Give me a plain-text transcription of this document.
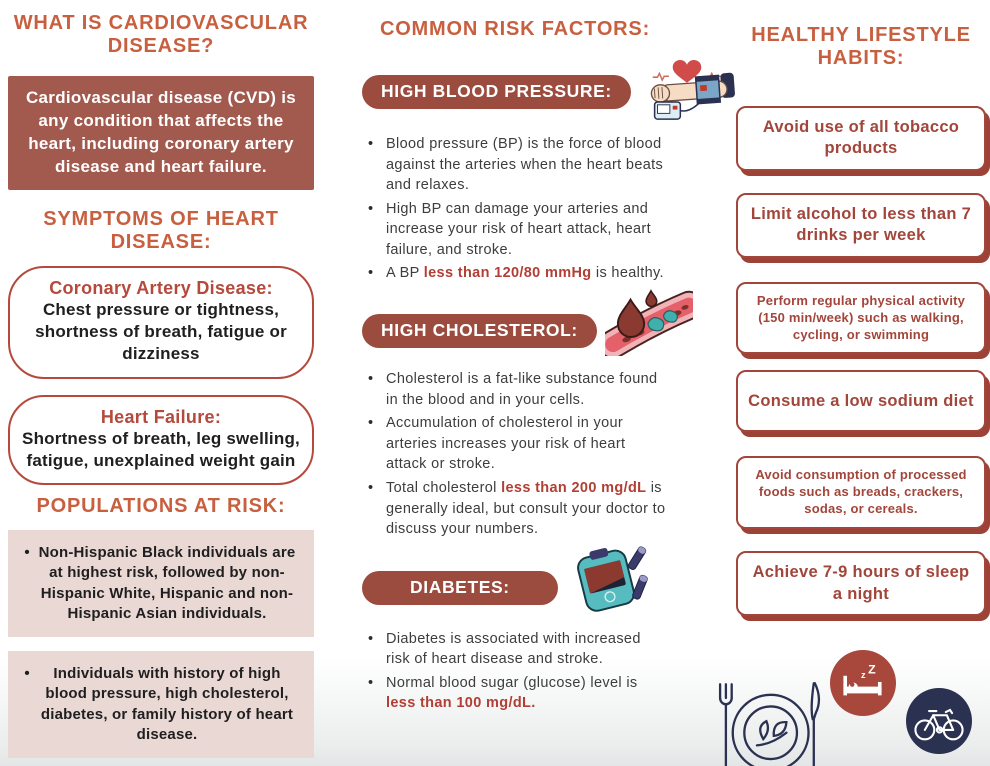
WHAT IS CARDIOVASCULAR DISEASE?
Cardiovascular disease (CVD) is any condition that affects the heart, including coronary artery disease and heart failure.
SYMPTOMS OF HEART DISEASE:
Coronary Artery Disease:
Chest pressure or tightness, shortness of breath, fatigue or dizziness
Heart Failure:
Shortness of breath, leg swelling, fatigue, unexplained weight gain
POPULATIONS AT RISK:
• Non-Hispanic Black individuals are at highest risk, followed by non-Hispanic White, Hispanic and non-Hispanic Asian individuals.
•	Individuals with history of high blood pressure, high cholesterol, diabetes, or family history of heart disease.
COMMON RISK FACTORS:
HIGH BLOOD PRESSURE:
• Blood pressure (BP) is the force of blood against the arteries when the heart beats and relaxes.
• High BP can damage your arteries and increase your risk of heart attack, heart failure, and stroke.
• A BP less than 120/80 mmHg is healthy.
HIGH CHOLESTEROL:
• Cholesterol is a fat-like substance found in the blood and in your cells.
• Accumulation of cholesterol in your arteries increases your risk of heart attack or stroke.
• Total cholesterol less than 200 mg/dL is generally ideal, but consult your doctor to discuss your numbers.
DIABETES:
• Diabetes is associated with increased risk of heart disease and stroke.
• Normal blood sugar (glucose) level is less than 100 mg/dL.
HEALTHY LIFESTYLE HABITS:
Avoid use of all tobacco products
Limit alcohol to less than 7 drinks per week
Perform regular physical activity (150 min/week) such as walking, cycling, or swimming
Consume a low sodium diet
Avoid consumption of processed foods such as breads, crackers, sodas, or cereals.
Achieve 7-9 hours of sleep a night
z Z
